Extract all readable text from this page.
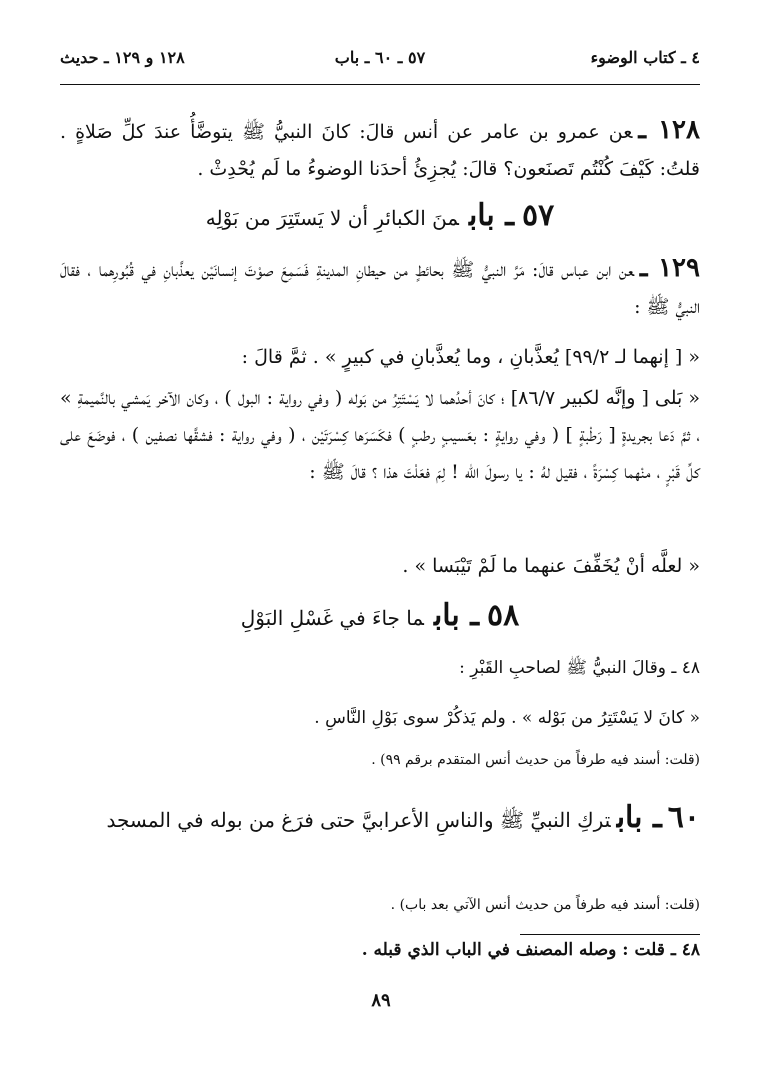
٤ ـ كتاب الوضوء
٥٧ ـ ٦٠ ـ باب
١٢٨ و ١٢٩ ـ حديث
١٢٨ ـعن عمرو بن عامر عن أنس قالَ: كانَ النبيُّ ﷺ يتوضَّأُ عندَ كلِّ صَلاةٍ . قلتُ: كَيْفَ كُنْتُم تَصنَعون؟ قالَ: يُجزِئُ أحدَنا الوضوءُ ما لَم يُحْدِثْ .
٥٧ـ بابمنَ الكبائرِ أن لا يَستَتِرَ من بَوْلِه
١٢٩ ـعن ابن عباس قالَ: مَرَّ النبيُّ ﷺ بحائطٍ من حيطانِ المدينةِ فَسَمِعَ صوْتَ إنسانَيْن يعذَّبانِ في قُبُورِهما ، فقالَ النبيُّ ﷺ :
« [ إنهما لـ ٩٩/٢] يُعذَّبانِ ، وما يُعذَّبانِ في كبيرٍ » . ثمَّ قالَ :
« بَلى [ وإنَّه لكبير ٨٦/٧] ؛ كانَ أحدُهما لا يَسْتَتِرُ من بَوله ( وفي رواية : البول ) ، وكان الآخر يَمشي بالنَّميمةِ » ، ثمَّ دَعا بجريدةٍ [ رَطْبةٍ ] ( وفي روايةٍ : بعَسيبٍ رطبٍ ) فكَسَرَها كِسْرَتَيْن ، ( وفي رواية : فشقَّها نصفين ) ، فوضَعَ على كلِّ قَبْرٍ ، منْهما كِسْرَةً ، فقيل لهُ : يا رسولَ الله ! لِمَ فعَلْتَ هذا ؟ قالَ ﷺ :
« لعلَّه أنْ يُخَفِّفَ عنهما ما لَمْ تَيْبَسا » .
٥٨ـ بابما جاءَ في غَسْلِ البَوْلِ
٤٨ ـ وقالَ النبيُّ ﷺ لصاحبِ القَبْرِ :
« كانَ لا يَسْتَتِرُ من بَوْله » . ولم يَذكُرْ سوى بَوْلِ النَّاسِ .
(قلت: أسند فيه طرفاً من حديث أنس المتقدم برقم ٩٩) .
٦٠ـ بابتركِ النبيِّ ﷺ والناسِ الأعرابيَّ حتى فرَغ من بوله في المسجد
(قلت: أسند فيه طرفاً من حديث أنس الآتي بعد باب) .
٤٨ ـ قلت : وصله المصنف في الباب الذي قبله .
٨٩
